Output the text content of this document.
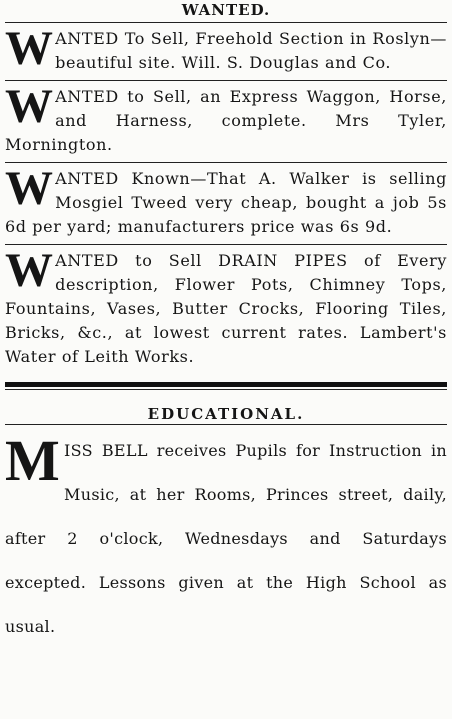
WANTED.
W ANTED To Sell, Freehold Section in Roslyn—beautiful site. Will. S. Douglas and Co.
W ANTED to Sell, an Express Waggon, Horse, and Harness, complete. Mrs Tyler, Mornington.
W ANTED Known—That A. Walker is selling Mosgiel Tweed very cheap, bought a job 5s 6d per yard; manufacturers price was 6s 9d.
W ANTED to Sell DRAIN PIPES of Every description, Flower Pots, Chimney Tops, Fountains, Vases, Butter Crocks, Flooring Tiles, Bricks, &c., at lowest current rates. Lambert's Water of Leith Works.
EDUCATIONAL.
M ISS BELL receives Pupils for Instruction in Music, at her Rooms, Princes street, daily, after 2 o'clock, Wednesdays and Saturdays excepted. Lessons given at the High School as usual.
